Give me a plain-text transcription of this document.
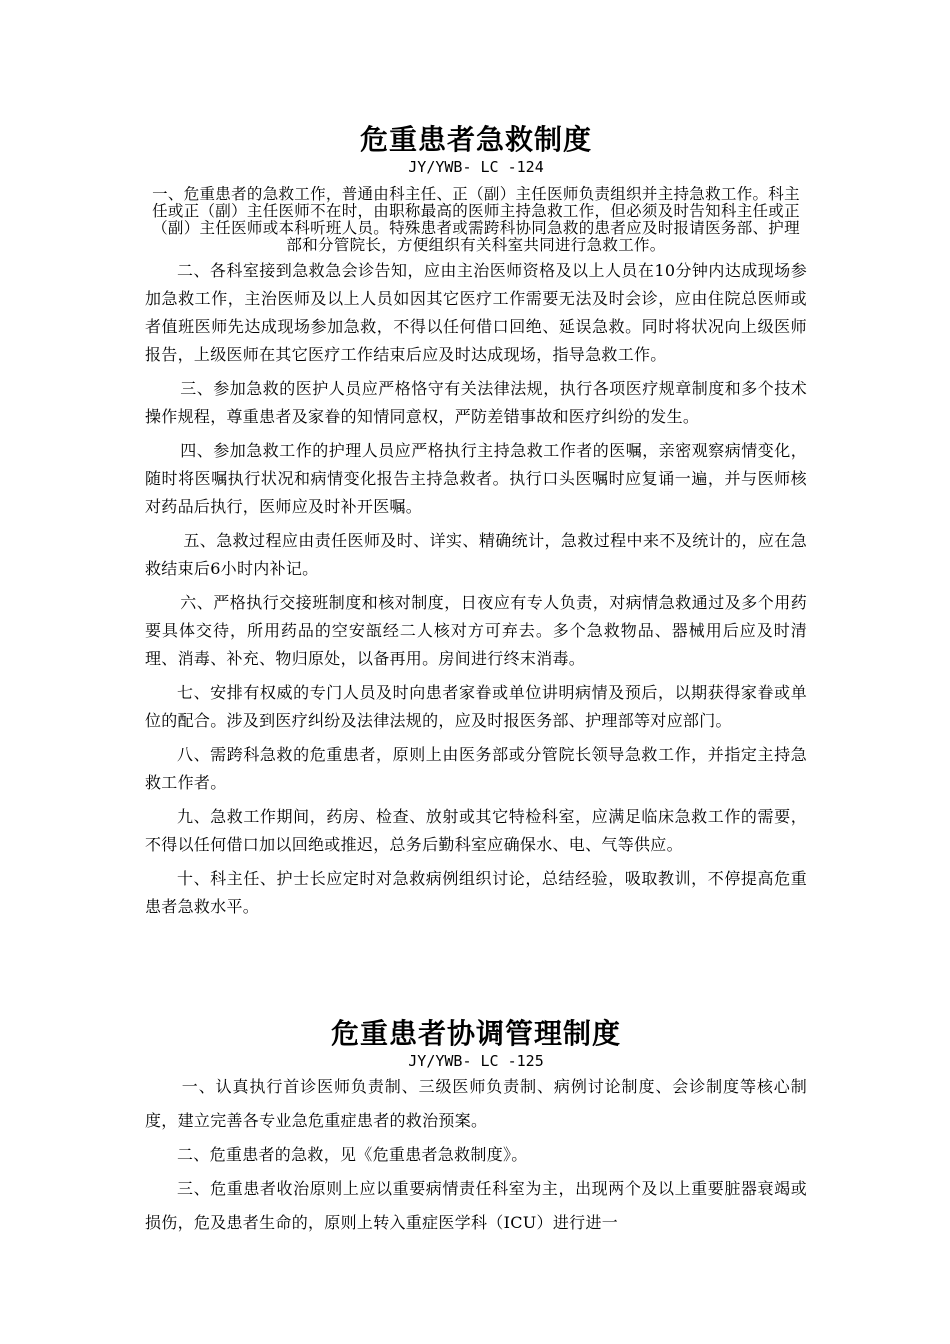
危重患者急救制度
JY/YWB- LC -124

一、危重患者的急救工作，普通由科主任、正（副）主任医师负责组织并主持急救工作。科主任或正（副）主任医师不在时，由职称最高的医师主持急救工作，但必须及时告知科主任或正（副）主任医师或本科听班人员。特殊患者或需跨科协同急救的患者应及时报请医务部、护理部和分管院长，方便组织有关科室共同进行急救工作。

二、各科室接到急救急会诊告知，应由主治医师资格及以上人员在10分钟内达成现场参加急救工作，主治医师及以上人员如因其它医疗工作需要无法及时会诊，应由住院总医师或者值班医师先达成现场参加急救，不得以任何借口回绝、延误急救。同时将状况向上级医师报告，上级医师在其它医疗工作结束后应及时达成现场，指导急救工作。

三、参加急救的医护人员应严格恪守有关法律法规，执行各项医疗规章制度和多个技术操作规程，尊重患者及家眷的知情同意权，严防差错事故和医疗纠纷的发生。

四、参加急救工作的护理人员应严格执行主持急救工作者的医嘱，亲密观察病情变化，随时将医嘱执行状况和病情变化报告主持急救者。执行口头医嘱时应复诵一遍，并与医师核对药品后执行，医师应及时补开医嘱。

五、急救过程应由责任医师及时、详实、精确统计，急救过程中来不及统计的，应在急救结束后6小时内补记。

六、严格执行交接班制度和核对制度，日夜应有专人负责，对病情急救通过及多个用药要具体交待，所用药品的空安瓿经二人核对方可弃去。多个急救物品、器械用后应及时清理、消毒、补充、物归原处，以备再用。房间进行终末消毒。

七、安排有权威的专门人员及时向患者家眷或单位讲明病情及预后，以期获得家眷或单位的配合。涉及到医疗纠纷及法律法规的，应及时报医务部、护理部等对应部门。

八、需跨科急救的危重患者，原则上由医务部或分管院长领导急救工作，并指定主持急救工作者。

九、急救工作期间，药房、检查、放射或其它特检科室，应满足临床急救工作的需要，不得以任何借口加以回绝或推迟，总务后勤科室应确保水、电、气等供应。

十、科主任、护士长应定时对急救病例组织讨论，总结经验，吸取教训，不停提高危重患者急救水平。

危重患者协调管理制度
JY/YWB- LC -125

一、认真执行首诊医师负责制、三级医师负责制、病例讨论制度、会诊制度等核心制度，建立完善各专业急危重症患者的救治预案。

二、危重患者的急救，见《危重患者急救制度》。

三、危重患者收治原则上应以重要病情责任科室为主，出现两个及以上重要脏器衰竭或损伤，危及患者生命的，原则上转入重症医学科（ICU）进行进一
